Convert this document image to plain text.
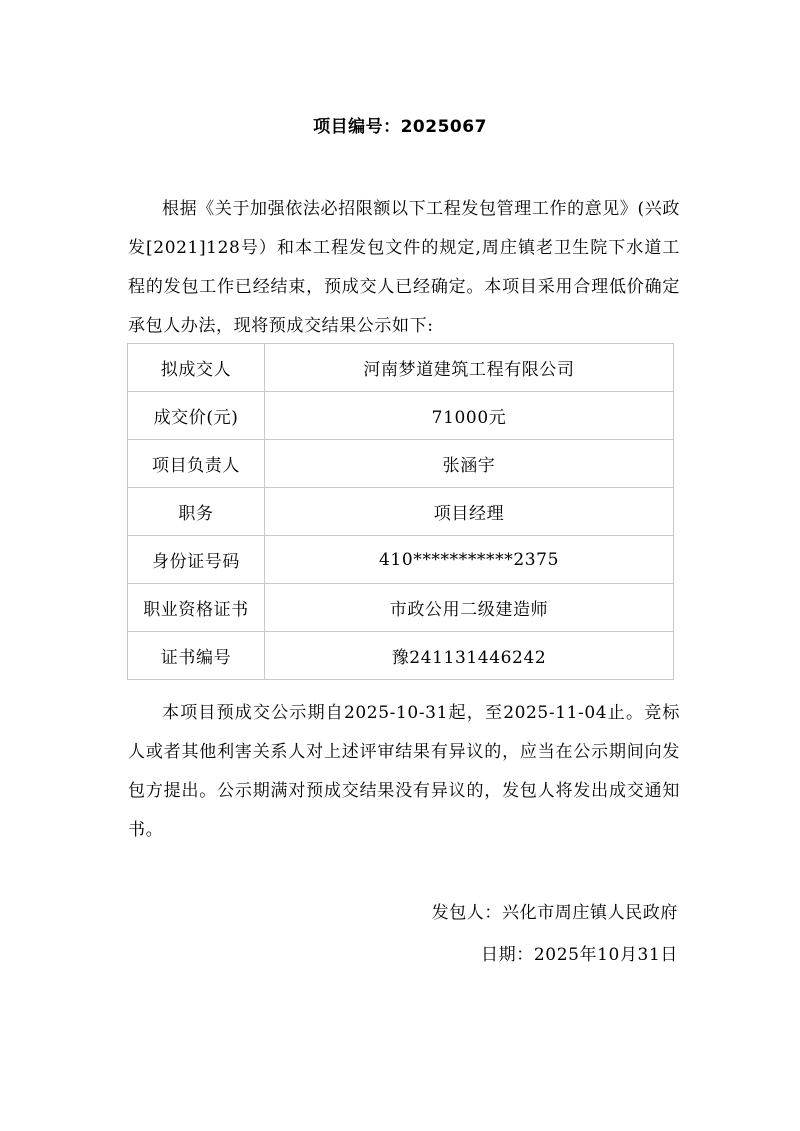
项目编号：2025067

根据《关于加强依法必招限额以下工程发包管理工作的意见》(兴政发[2021]128号）和本工程发包文件的规定,周庄镇老卫生院下水道工程的发包工作已经结束，预成交人已经确定。本项目采用合理低价确定承包人办法，现将预成交结果公示如下:

拟成交人	河南梦道建筑工程有限公司
成交价(元)	71000元
项目负责人	张涵宇
职务	项目经理
身份证号码	410***********2375
职业资格证书	市政公用二级建造师
证书编号	豫241131446242

本项目预成交公示期自2025-10-31起，至2025-11-04止。竞标人或者其他利害关系人对上述评审结果有异议的，应当在公示期间向发包方提出。公示期满对预成交结果没有异议的，发包人将发出成交通知书。

发包人：兴化市周庄镇人民政府
日期：2025年10月31日
